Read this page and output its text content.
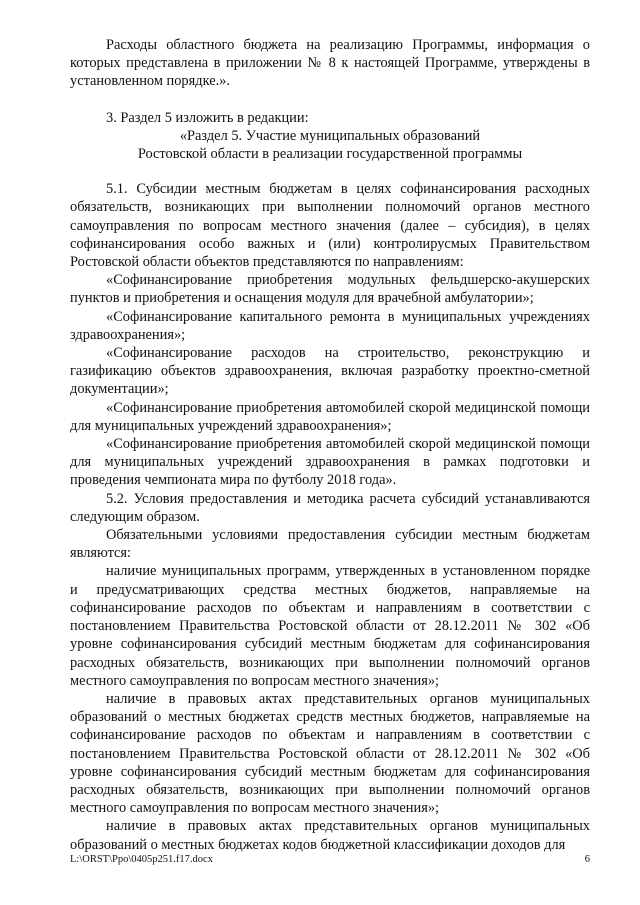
Расходы областного бюджета на реализацию Программы, информация о которых представлена в приложении № 8 к настоящей Программе, утверждены в установленном порядке.».

3. Раздел 5 изложить в редакции:

«Раздел 5. Участие муниципальных образований

Ростовской области в реализации государственной программы

5.1. Субсидии местным бюджетам в целях софинансирования расходных обязательств, возникающих при выполнении полномочий органов местного самоуправления по вопросам местного значения (далее – субсидия), в целях софинансирования особо важных и (или) контролирусмых Правительством Ростовской области объектов представляются по направлениям:

«Софинансирование приобретения модульных фельдшерско-акушерских пунктов и приобретения и оснащения модуля для врачебной амбулатории»;

«Софинансирование капитального ремонта в муниципальных учреждениях здравоохранения»;

«Софинансирование расходов на строительство, реконструкцию и газификацию объектов здравоохранения, включая разработку проектно-сметной документации»;

«Софинансирование приобретения автомобилей скорой медицинской помощи для муниципальных учреждений здравоохранения»;

«Софинансирование приобретения автомобилей скорой медицинской помощи для муниципальных учреждений здравоохранения в рамках подготовки и проведения чемпионата мира по футболу 2018 года».

5.2. Условия предоставления и методика расчета субсидий устанавливаются следующим образом.

Обязательными условиями предоставления субсидии местным бюджетам являются:

наличие муниципальных программ, утвержденных в установленном порядке и предусматривающих средства местных бюджетов, направляемые на софинансирование расходов по объектам и направлениям в соответствии с постановлением Правительства Ростовской области от 28.12.2011 № 302 «Об уровне софинансирования субсидий местным бюджетам для софинансирования расходных обязательств, возникающих при выполнении полномочий органов местного самоуправления по вопросам местного значения»;

наличие в правовых актах представительных органов муниципальных образований о местных бюджетах средств местных бюджетов, направляемые на софинансирование расходов по объектам и направлениям в соответствии с постановлением Правительства Ростовской области от 28.12.2011 № 302 «Об уровне софинансирования субсидий местным бюджетам для софинансирования расходных обязательств, возникающих при выполнении полномочий органов местного самоуправления по вопросам местного значения»;

наличие в правовых актах представительных органов муниципальных образований о местных бюджетах кодов бюджетной классификации доходов для

L:\ORST\Ppo\0405p251.f17.docx	6
